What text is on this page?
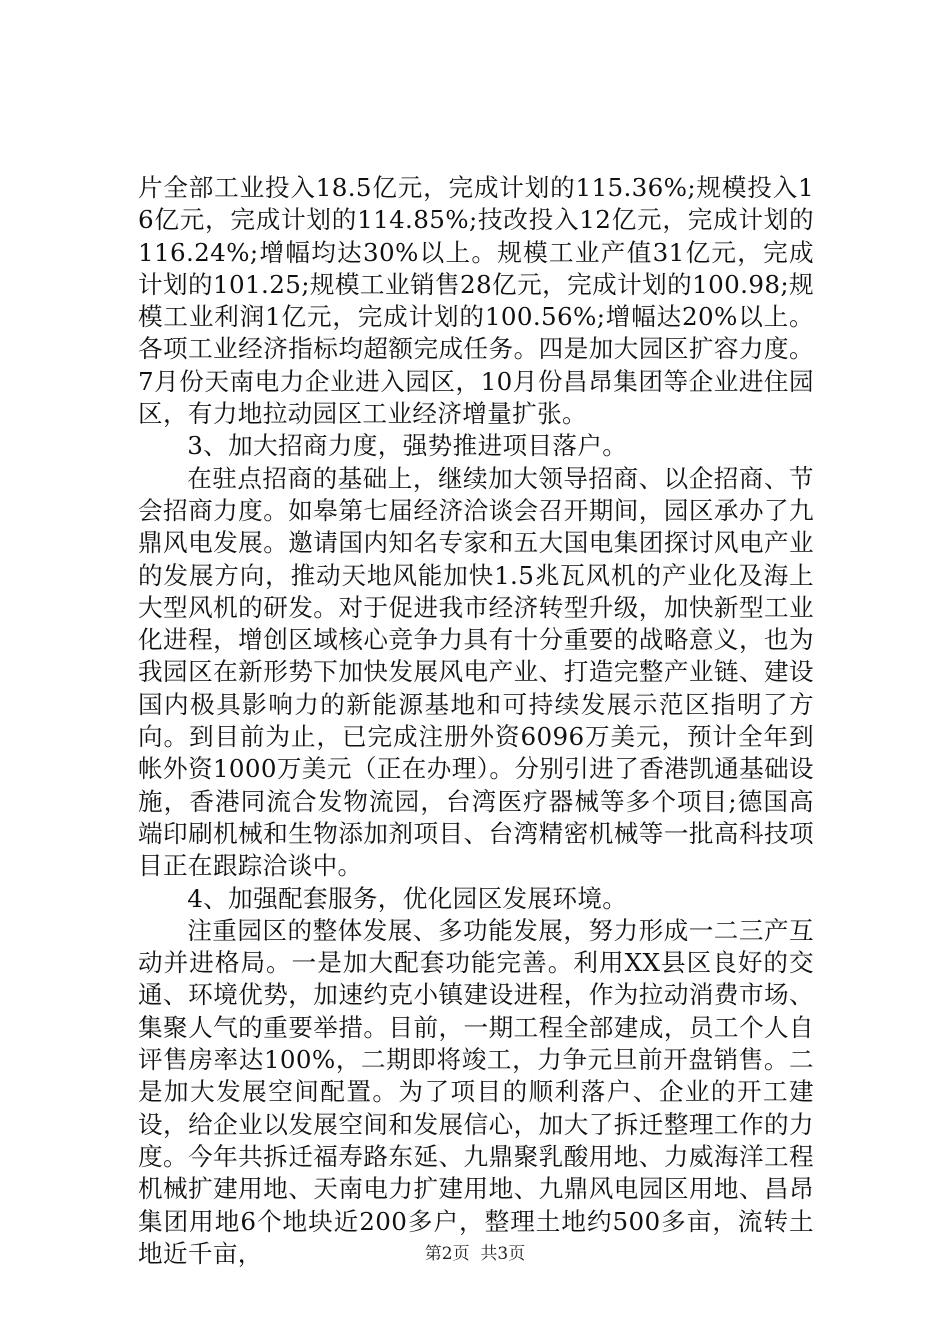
片全部工业投入18.5亿元，完成计划的115.36%;规模投入16亿元，完成计划的114.85%;技改投入12亿元，完成计划的116.24%;增幅均达30%以上。规模工业产值31亿元，完成计划的101.25;规模工业销售28亿元，完成计划的100.98;规模工业利润1亿元，完成计划的100.56%;增幅达20%以上。各项工业经济指标均超额完成任务。四是加大园区扩容力度。7月份天南电力企业进入园区，10月份昌昂集团等企业进住园区，有力地拉动园区工业经济增量扩张。

3、加大招商力度，强势推进项目落户。

在驻点招商的基础上，继续加大领导招商、以企招商、节会招商力度。如皋第七届经济洽谈会召开期间，园区承办了九鼎风电发展。邀请国内知名专家和五大国电集团探讨风电产业的发展方向，推动天地风能加快1.5兆瓦风机的产业化及海上大型风机的研发。对于促进我市经济转型升级，加快新型工业化进程，增创区域核心竞争力具有十分重要的战略意义，也为我园区在新形势下加快发展风电产业、打造完整产业链、建设国内极具影响力的新能源基地和可持续发展示范区指明了方向。到目前为止，已完成注册外资6096万美元，预计全年到帐外资1000万美元（正在办理）。分别引进了香港凯通基础设施，香港同流合发物流园，台湾医疗器械等多个项目;德国高端印刷机械和生物添加剂项目、台湾精密机械等一批高科技项目正在跟踪洽谈中。

4、加强配套服务，优化园区发展环境。

注重园区的整体发展、多功能发展，努力形成一二三产互动并进格局。一是加大配套功能完善。利用XX县区良好的交通、环境优势，加速约克小镇建设进程，作为拉动消费市场、集聚人气的重要举措。目前，一期工程全部建成，员工个人自评售房率达100%，二期即将竣工，力争元旦前开盘销售。二是加大发展空间配置。为了项目的顺利落户、企业的开工建设，给企业以发展空间和发展信心，加大了拆迁整理工作的力度。今年共拆迁福寿路东延、九鼎聚乳酸用地、力威海洋工程机械扩建用地、天南电力扩建用地、九鼎风电园区用地、昌昂集团用地6个地块近200多户，整理土地约500多亩，流转土地近千亩，	第2页 共3页
